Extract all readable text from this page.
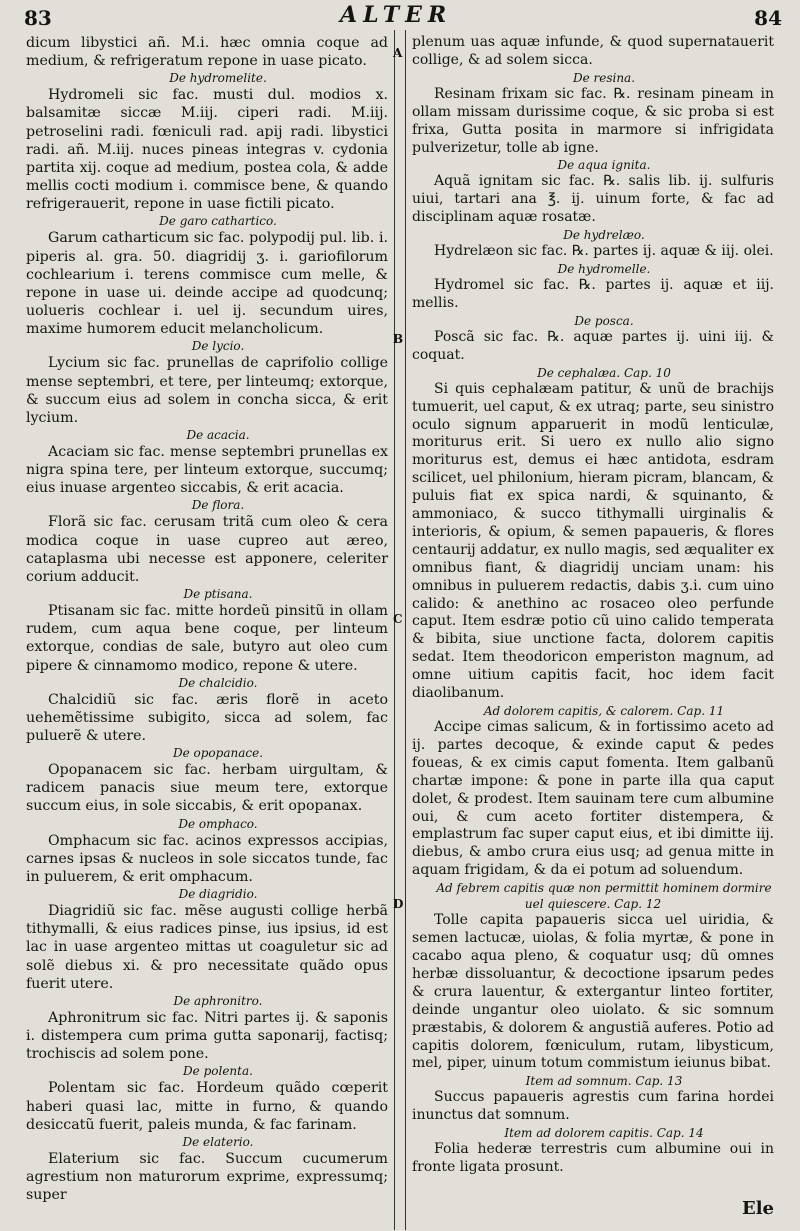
83	ALTER	84
A
B
C
D

dicum libystici añ. M.i. hæc omnia coque ad medium, & refrigeratum repone in uase picato.

De hydromelite.

Hydromeli sic fac. musti dul. modios x. balsamitæ siccæ M.iij. ciperi radi. M.iij. petroselini radi. fœniculi rad. apij radi. libystici radi. añ. M.iij. nuces pineas integras v. cydonia partita xij. coque ad medium, postea cola, & adde mellis cocti modium i. commisce bene, & quando refrigerauerit, repone in uase fictili picato.

De garo cathartico.

Garum catharticum sic fac. polypodij pul. lib. i. piperis al. gra. 50. diagridij ʒ. i. gariofilorum cochlearium i. terens commisce cum melle, & repone in uase ui. deinde accipe ad quodcunq; uolueris cochlear i. uel ij. secundum uires, maxime humorem educit melancholicum.

De lycio.

Lycium sic fac. prunellas de caprifolio collige mense septembri, et tere, per linteumq; extorque, & succum eius ad solem in concha sicca, & erit lycium.

De acacia.

Acaciam sic fac. mense septembri prunellas ex nigra spina tere, per linteum extorque, succumq; eius inuase argenteo siccabis, & erit acacia.

De flora.

Florã sic fac. cerusam tritã cum oleo & cera modica coque in uase cupreo aut æreo, cataplasma ubi necesse est apponere, celeriter corium adducit.

De ptisana.

Ptisanam sic fac. mitte hordeũ pinsitũ in ollam rudem, cum aqua bene coque, per linteum extorque, condias de sale, butyro aut oleo cum pipere & cinnamomo modico, repone & utere.

De chalcidio.

Chalcidiũ sic fac. æris florẽ in aceto uehemẽtissime subigito, sicca ad solem, fac puluerẽ & utere.

De opopanace.

Opopanacem sic fac. herbam uirgultam, & radicem panacis siue meum tere, extorque succum eius, in sole siccabis, & erit opopanax.

De omphaco.

Omphacum sic fac. acinos expressos accipias, carnes ipsas & nucleos in sole siccatos tunde, fac in puluerem, & erit omphacum.

De diagridio.

Diagridiũ sic fac. mẽse augusti collige herbã tithymalli, & eius radices pinse, ius ipsius, id est lac in uase argenteo mittas ut coaguletur sic ad solẽ diebus xi. & pro necessitate quãdo opus fuerit utere.

De aphronitro.

Aphronitrum sic fac. Nitri partes ij. & saponis i. distempera cum prima gutta saponarij, factisq; trochiscis ad solem pone.

De polenta.

Polentam sic fac. Hordeum quãdo cœperit haberi quasi lac, mitte in furno, & quando desiccatũ fuerit, paleis munda, & fac farinam.

De elaterio.

Elaterium sic fac. Succum cucumerum agrestium non maturorum exprime, expressumq; super

plenum uas aquæ infunde, & quod supernatauerit collige, & ad solem sicca.

De resina.

Resinam frixam sic fac. ℞. resinam pineam in ollam missam durissime coque, & sic proba si est frixa, Gutta posita in marmore si infrigidata pulverizetur, tolle ab igne.

De aqua ignita.

Aquã ignitam sic fac. ℞. salis lib. ij. sulfuris uiui, tartari ana ℥. ij. uinum forte, & fac ad disciplinam aquæ rosatæ.

De hydrelæo.

Hydrelæon sic fac. ℞. partes ij. aquæ & iij. olei.

De hydromelle.

Hydromel sic fac. ℞. partes ij. aquæ et iij. mellis.

De posca.

Poscã sic fac. ℞. aquæ partes ij. uini iij. & coquat.

De cephalæa. Cap. 10

Si quis cephalæam patitur, & unũ de brachijs tumuerit, uel caput, & ex utraq; parte, seu sinistro oculo signum apparuerit in modũ lenticulæ, moriturus erit. Si uero ex nullo alio signo moriturus est, demus ei hæc antidota, esdram scilicet, uel philonium, hieram picram, blancam, & puluis fiat ex spica nardi, & squinanto, & ammoniaco, & succo tithymalli uirginalis & interioris, & opium, & semen papaueris, & flores centaurij addatur, ex nullo magis, sed æqualiter ex omnibus fiant, & diagridij unciam unam: his omnibus in puluerem redactis, dabis ʒ.i. cum uino calido: & anethino ac rosaceo oleo perfunde caput. Item esdræ potio cũ uino calido temperata & bibita, siue unctione facta, dolorem capitis sedat. Item theodoricon emperiston magnum, ad omne uitium capitis facit, hoc idem facit diaolibanum.

Ad dolorem capitis, & calorem. Cap. 11

Accipe cimas salicum, & in fortissimo aceto ad ij. partes decoque, & exinde caput & pedes foueas, & ex cimis caput fomenta. Item galbanũ chartæ impone: & pone in parte illa qua caput dolet, & prodest. Item sauinam tere cum albumine oui, & cum aceto fortiter distempera, & emplastrum fac super caput eius, et ibi dimitte iij. diebus, & ambo crura eius usq; ad genua mitte in aquam frigidam, & da ei potum ad soluendum.

Ad febrem capitis quæ non permittit hominem dormire uel quiescere. Cap. 12

Tolle capita papaueris sicca uel uiridia, & semen lactucæ, uiolas, & folia myrtæ, & pone in cacabo aqua pleno, & coquatur usq; dũ omnes herbæ dissoluantur, & decoctione ipsarum pedes & crura lauentur, & extergantur linteo fortiter, deinde ungantur oleo uiolato. & sic somnum præstabis, & dolorem & angustiã auferes. Potio ad capitis dolorem, fœniculum, rutam, libysticum, mel, piper, uinum totum commistum ieiunus bibat.

Item ad somnum. Cap. 13

Succus papaueris agrestis cum farina hordei inunctus dat somnum.

Item ad dolorem capitis. Cap. 14

Folia hederæ terrestris cum albumine oui in fronte ligata prosunt.

Ele
